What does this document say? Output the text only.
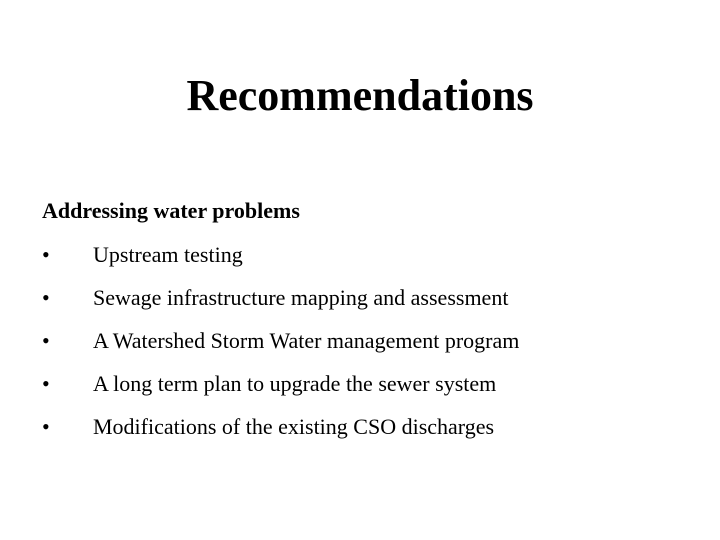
Recommendations
Addressing water problems
•	Upstream testing
•	Sewage infrastructure mapping and assessment
•	A Watershed Storm Water management program
•	A long term plan to upgrade the sewer system
•	Modifications of the existing CSO discharges
